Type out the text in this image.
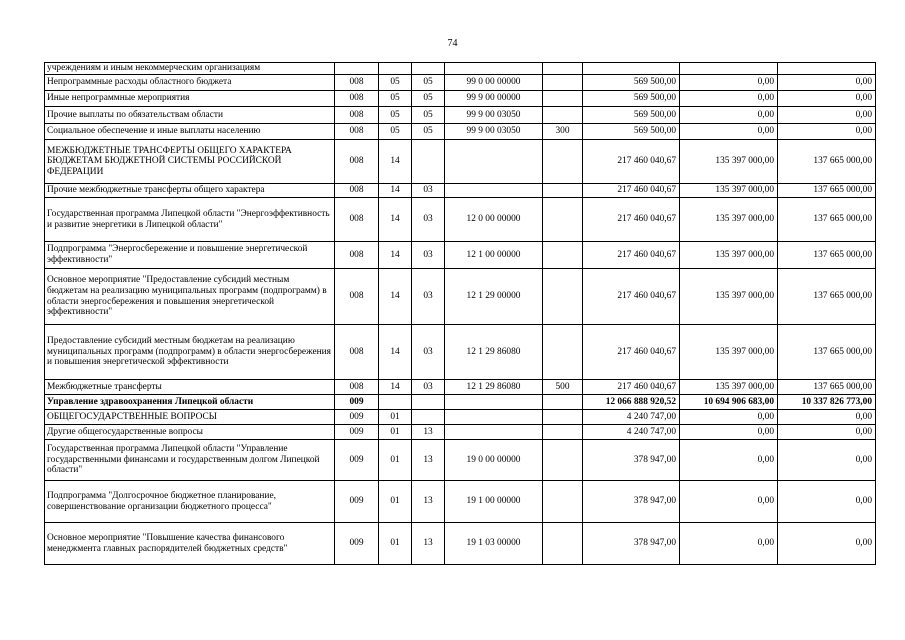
74
учреждениям и иным некоммерческим организациям								
Непрограммные расходы областного бюджета	008	05	05	99 0 00 00000		569 500,00	0,00	0,00
Иные непрограммные мероприятия	008	05	05	99 9 00 00000		569 500,00	0,00	0,00
Прочие выплаты по обязательствам области	008	05	05	99 9 00 03050		569 500,00	0,00	0,00
Социальное обеспечение и иные выплаты населению	008	05	05	99 9 00 03050	300	569 500,00	0,00	0,00
МЕЖБЮДЖЕТНЫЕ ТРАНСФЕРТЫ ОБЩЕГО ХАРАКТЕРА БЮДЖЕТАМ БЮДЖЕТНОЙ СИСТЕМЫ РОССИЙСКОЙ ФЕДЕРАЦИИ	008	14				217 460 040,67	135 397 000,00	137 665 000,00
Прочие межбюджетные трансферты общего характера	008	14	03			217 460 040,67	135 397 000,00	137 665 000,00
Государственная программа Липецкой области "Энергоэффективность и развитие энергетики в Липецкой области"	008	14	03	12 0 00 00000		217 460 040,67	135 397 000,00	137 665 000,00
Подпрограмма "Энергосбережение и повышение энергетической эффективности"	008	14	03	12 1 00 00000		217 460 040,67	135 397 000,00	137 665 000,00
Основное мероприятие "Предоставление субсидий местным бюджетам на реализацию муниципальных программ (подпрограмм) в области энергосбережения и повышения энергетической эффективности"	008	14	03	12 1 29 00000		217 460 040,67	135 397 000,00	137 665 000,00
Предоставление субсидий местным бюджетам на реализацию муниципальных программ (подпрограмм) в области энергосбережения и повышения энергетической эффективности	008	14	03	12 1 29 86080		217 460 040,67	135 397 000,00	137 665 000,00
Межбюджетные трансферты	008	14	03	12 1 29 86080	500	217 460 040,67	135 397 000,00	137 665 000,00
Управление здравоохранения Липецкой области	009					12 066 888 920,52	10 694 906 683,00	10 337 826 773,00
ОБЩЕГОСУДАРСТВЕННЫЕ ВОПРОСЫ	009	01				4 240 747,00	0,00	0,00
Другие общегосударственные вопросы	009	01	13			4 240 747,00	0,00	0,00
Государственная программа Липецкой области "Управление государственными финансами и государственным долгом Липецкой области"	009	01	13	19 0 00 00000		378 947,00	0,00	0,00
Подпрограмма "Долгосрочное бюджетное планирование, совершенствование организации бюджетного процесса"	009	01	13	19 1 00 00000		378 947,00	0,00	0,00
Основное мероприятие "Повышение качества финансового менеджмента главных распорядителей бюджетных средств"	009	01	13	19 1 03 00000		378 947,00	0,00	0,00
